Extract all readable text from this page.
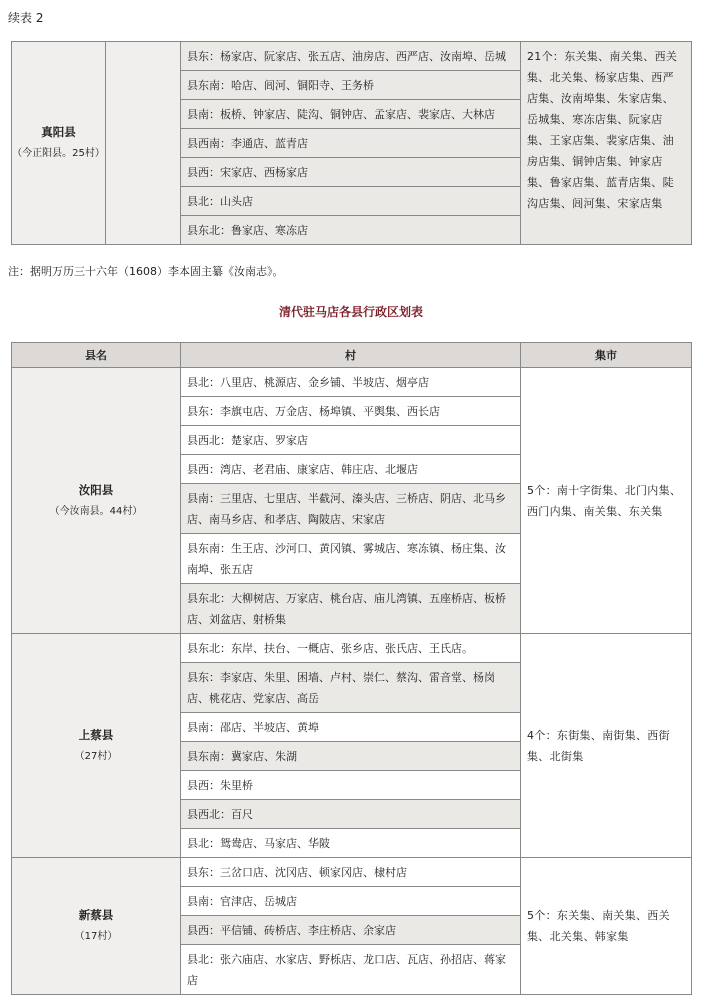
续表 2
真阳县
（今正阳县。25村）
		县东：杨家店、阮家店、张五店、油房店、西严店、汝南埠、岳城	21个：东关集、南关集、西关集、北关集、杨家店集、西严店集、汝南埠集、朱家店集、岳城集、寒冻店集、阮家店集、王家店集、裴家店集、油房店集、铜钟店集、钟家店集、鲁家店集、蓝青店集、陡沟店集、闾河集、宋家店集
县东南：哈店、闾河、铜阳寺、王务桥
县南：板桥、钟家店、陡沟、铜钟店、孟家店、裴家店、大林店
县西南：李通店、蓝青店
县西：宋家店、西杨家店
县北：山头店
县东北：鲁家店、寒冻店
注：据明万历三十六年（1608）李本固主纂《汝南志》。
清代驻马店各县行政区划表
县名	村	集市

汝阳县
（今汝南县。44村）	县北：八里店、桃源店、金乡铺、半坡店、烟亭店	5个：南十字街集、北门内集、西门内集、南关集、东关集
	县东：李旗屯店、万金店、杨埠镇、平舆集、西长店	
	县西北：楚家店、罗家店	
	县西：湾店、老君庙、康家店、韩庄店、北堰店	
	县南：三里店、七里店、半截河、溱头店、三桥店、阴店、北马乡店、南马乡店、和孝店、陶陂店、宋家店	
	县东南：生王店、沙河口、黄冈镇、雾城店、寒冻镇、杨庄集、汝南埠、张五店	
	县东北：大柳树店、万家店、桃台店、庙儿湾镇、五座桥店、板桥店、刘盆店、射桥集	

上蔡县
（27村）	县东北：东岸、扶台、一概店、张乡店、张氏店、王氏店。	4个：东街集、南街集、西街集、北街集
	县东：李家店、朱里、困墙、卢村、崇仁、蔡沟、雷音堂、杨岗店、桃花店、党家店、高岳	
	县南：邵店、半坡店、黄埠	
	县东南：冀家店、朱湖	
	县西：朱里桥	
	县西北：百尺	
	县北：鸳鸯店、马家店、华陂	

新蔡县
（17村）	县东：三岔口店、沈冈店、顿家冈店、棣村店	5个：东关集、南关集、西关集、北关集、韩家集
	县南：官津店、岳城店	
	县西：平信铺、砖桥店、李庄桥店、余家店	
	县北：张六庙店、水家店、野栎店、龙口店、瓦店、孙招店、蒋家店	
